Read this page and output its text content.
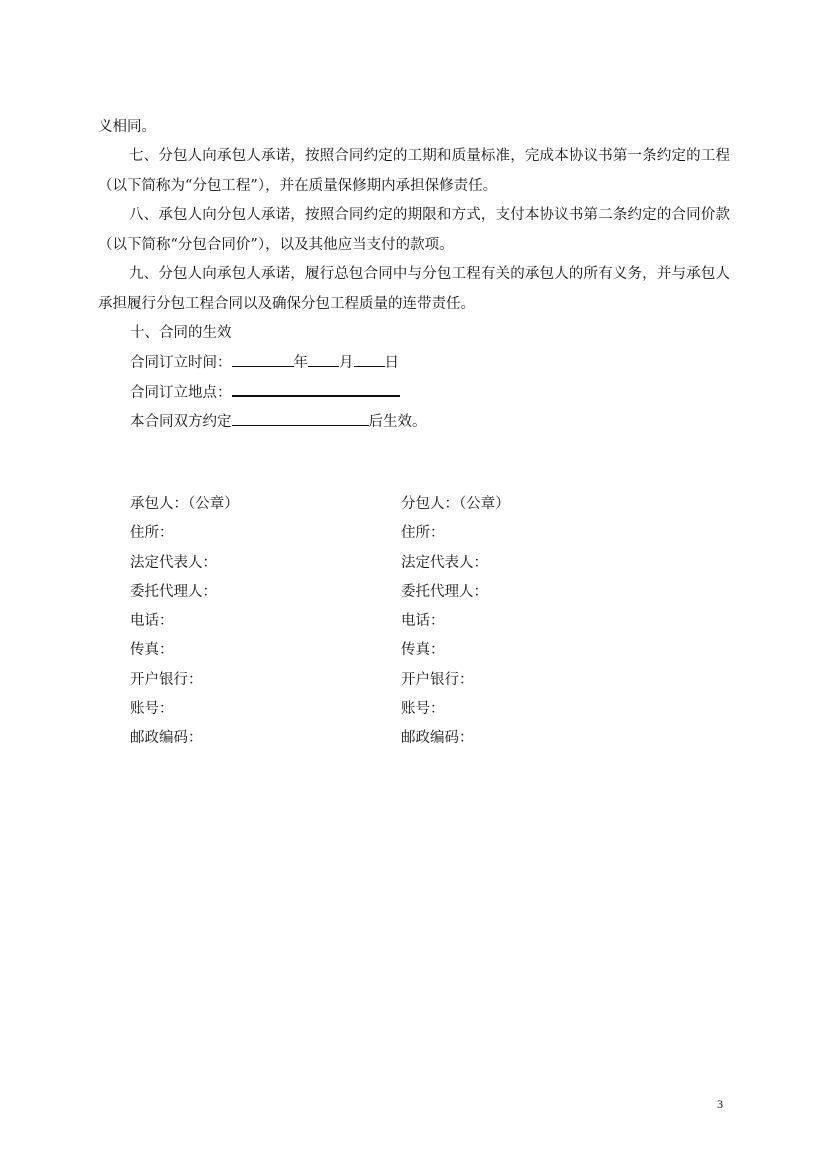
义相同。

七、分包人向承包人承诺，按照合同约定的工期和质量标准，完成本协议书第一条约定的工程（以下简称为“分包工程”），并在质量保修期内承担保修责任。

八、承包人向分包人承诺，按照合同约定的期限和方式，支付本协议书第二条约定的合同价款（以下简称“分包合同价”），以及其他应当支付的款项。

九、分包人向承包人承诺，履行总包合同中与分包工程有关的承包人的所有义务，并与承包人承担履行分包工程合同以及确保分包工程质量的连带责任。

十、合同的生效

合同订立时间：	年 月 日

合同订立地点：

本合同双方约定	后生效。

承包人：（公章）
住所：
法定代表人：
委托代理人：
电话：
传真：
开户银行：
账号：
邮政编码：
分包人：（公章）
住所：
法定代表人：
委托代理人：
电话：
传真：
开户银行：
账号：
邮政编码：
3
